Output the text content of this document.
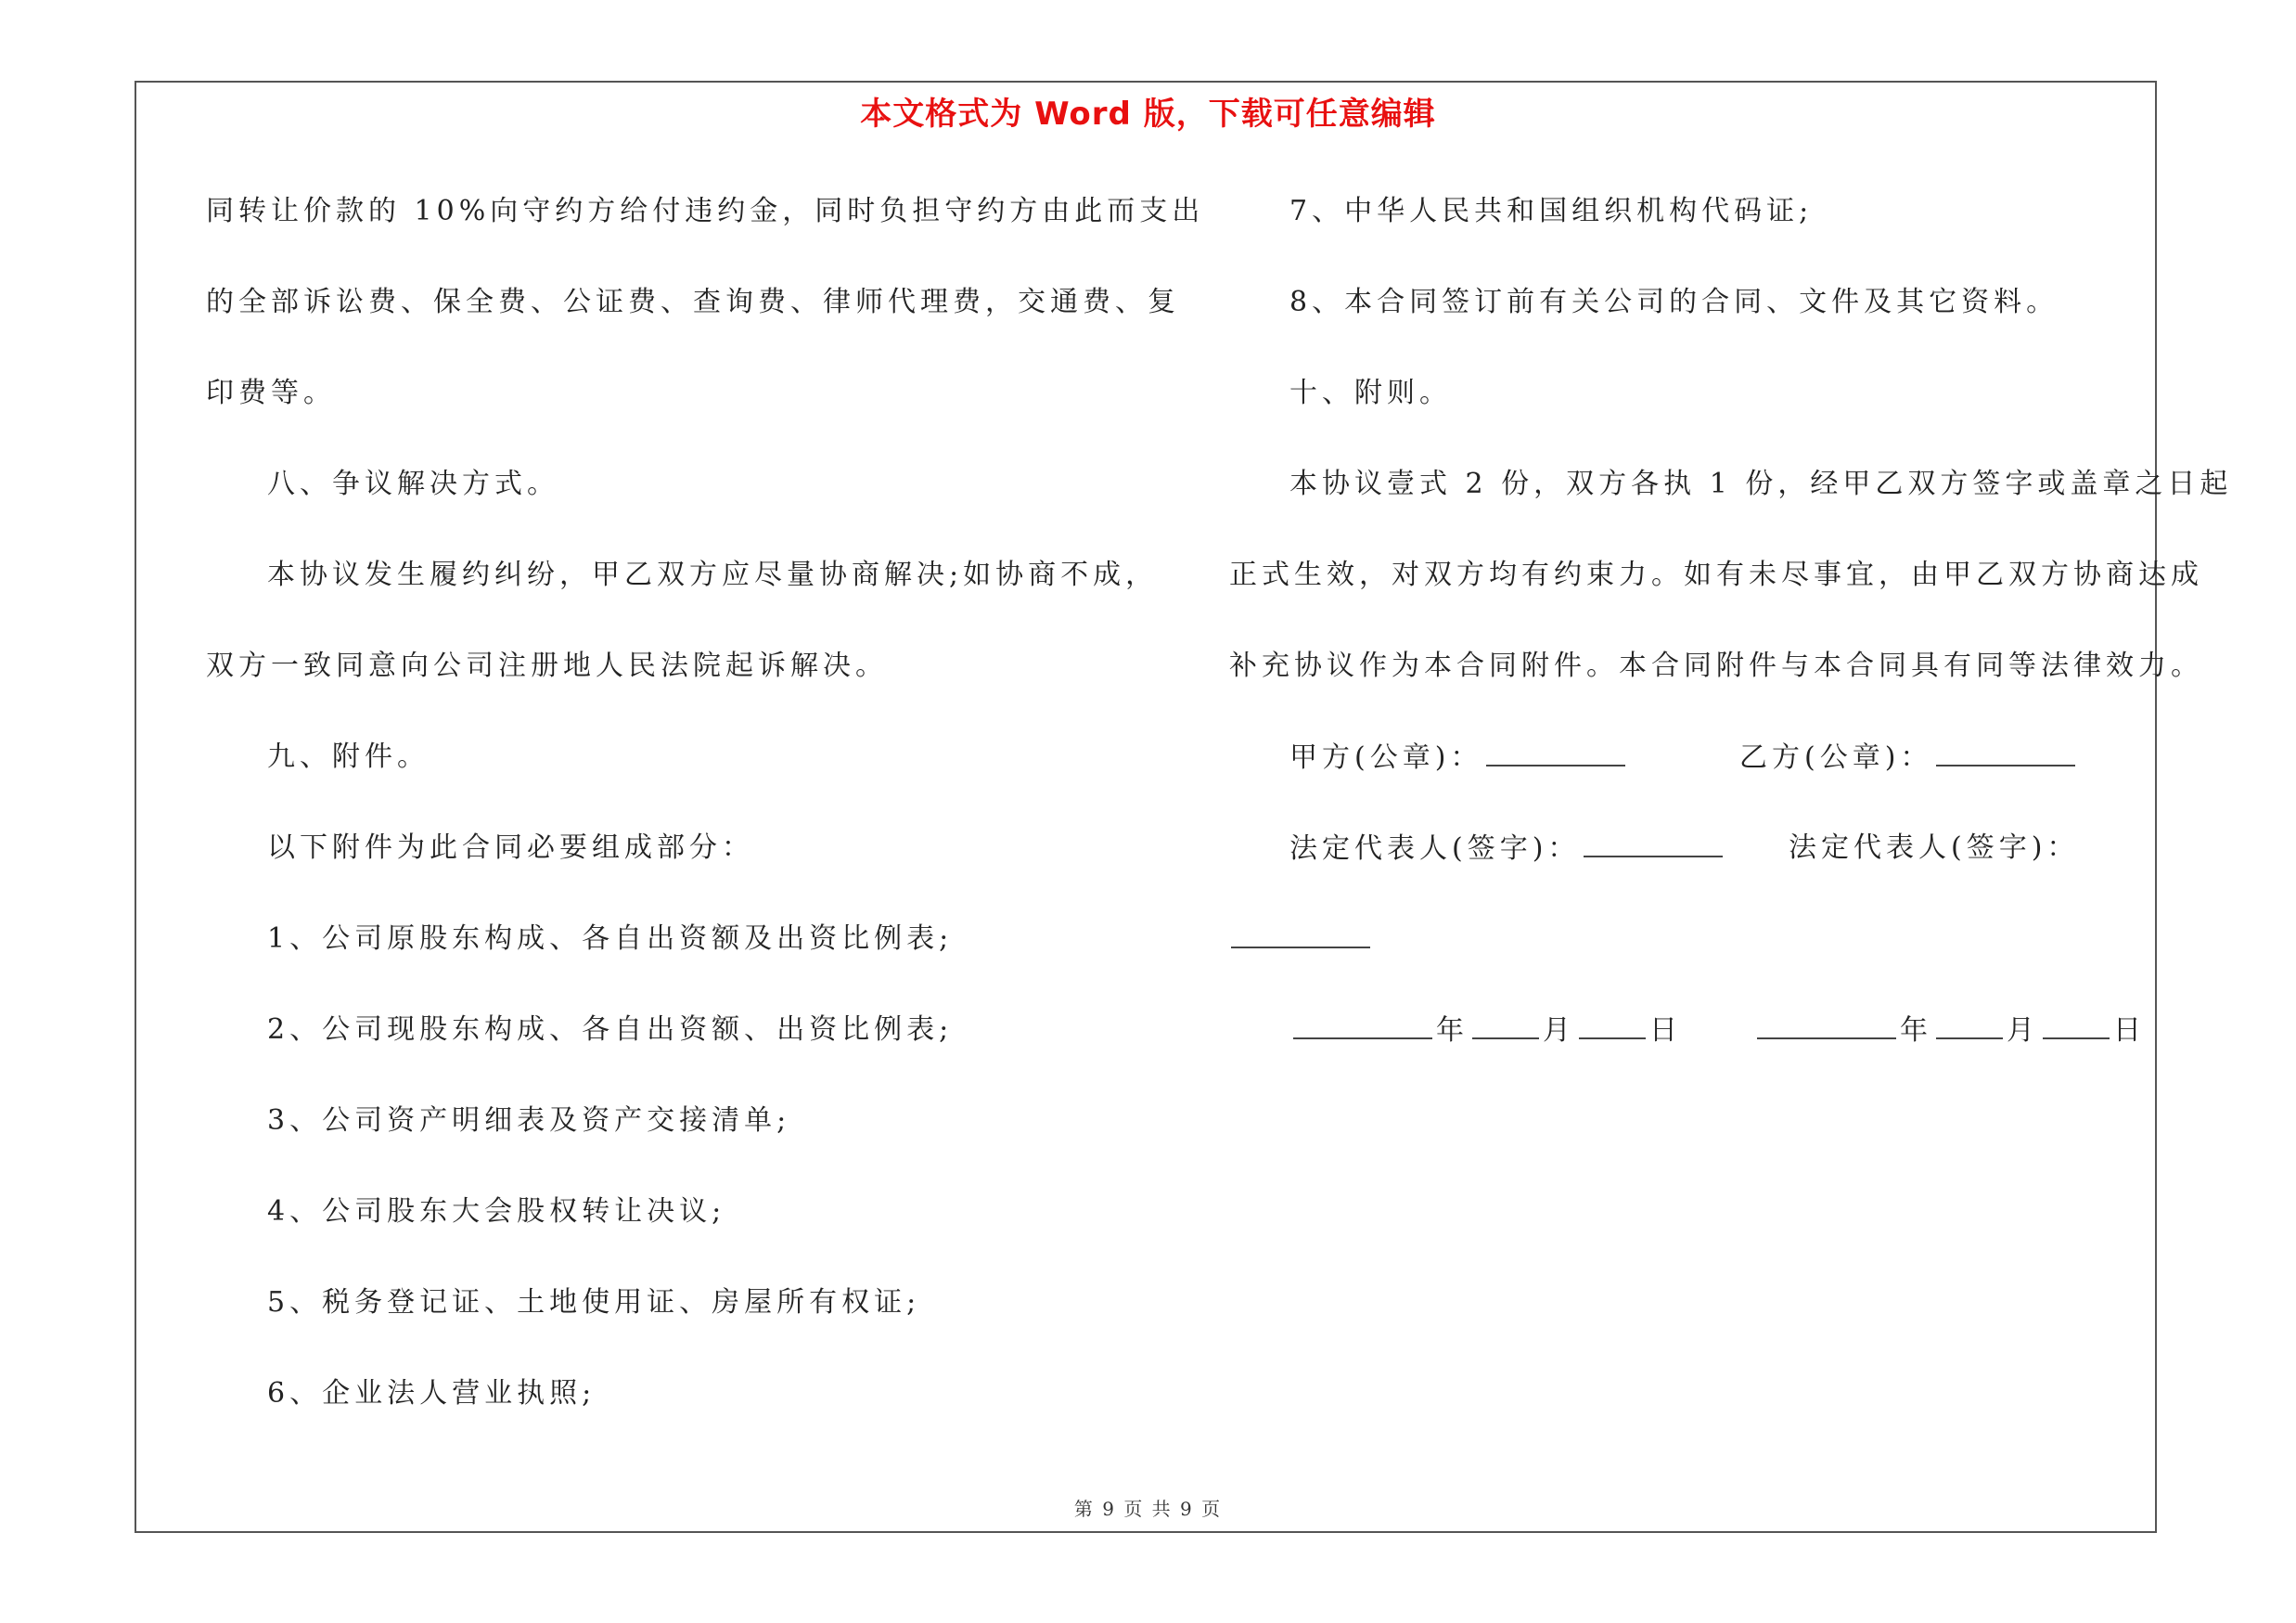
本文格式为 Word 版，下载可任意编辑
同转让价款的 10%向守约方给付违约金，同时负担守约方由此而支出
的全部诉讼费、保全费、公证费、查询费、律师代理费，交通费、复
印费等。
八、争议解决方式。
本协议发生履约纠纷，甲乙双方应尽量协商解决;如协商不成，
双方一致同意向公司注册地人民法院起诉解决。
九、附件。
以下附件为此合同必要组成部分：
1、公司原股东构成、各自出资额及出资比例表;
2、公司现股东构成、各自出资额、出资比例表;
3、公司资产明细表及资产交接清单;
4、公司股东大会股权转让决议;
5、税务登记证、土地使用证、房屋所有权证;
6、企业法人营业执照;
7、中华人民共和国组织机构代码证;
8、本合同签订前有关公司的合同、文件及其它资料。
十、附则。
本协议壹式 2 份，双方各执 1 份，经甲乙双方签字或盖章之日起
正式生效，对双方均有约束力。如有未尽事宜，由甲乙双方协商达成
补充协议作为本合同附件。本合同附件与本合同具有同等法律效力。
甲方(公章)：	乙方(公章)：
法定代表人(签字)：	法定代表人(签字)：
年	月	日	年	月	日
第 9 页 共 9 页
